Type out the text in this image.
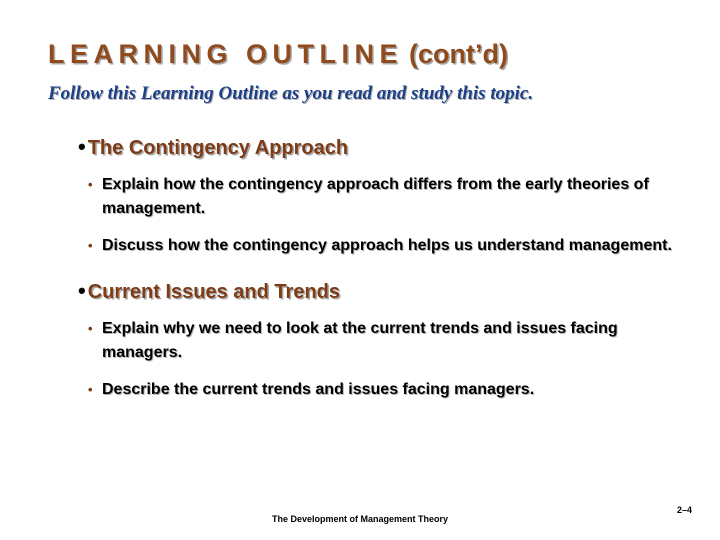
LEARNING OUTLINE (cont’d)
Follow this Learning Outline as you read and study this topic.
• The Contingency Approach
• Explain how the contingency approach differs from the early theories of management.
• Discuss how the contingency approach helps us understand management.
• Current Issues and Trends
• Explain why we need to look at the current trends and issues facing managers.
• Describe the current trends and issues facing managers.
The Development of Management Theory
2–4
